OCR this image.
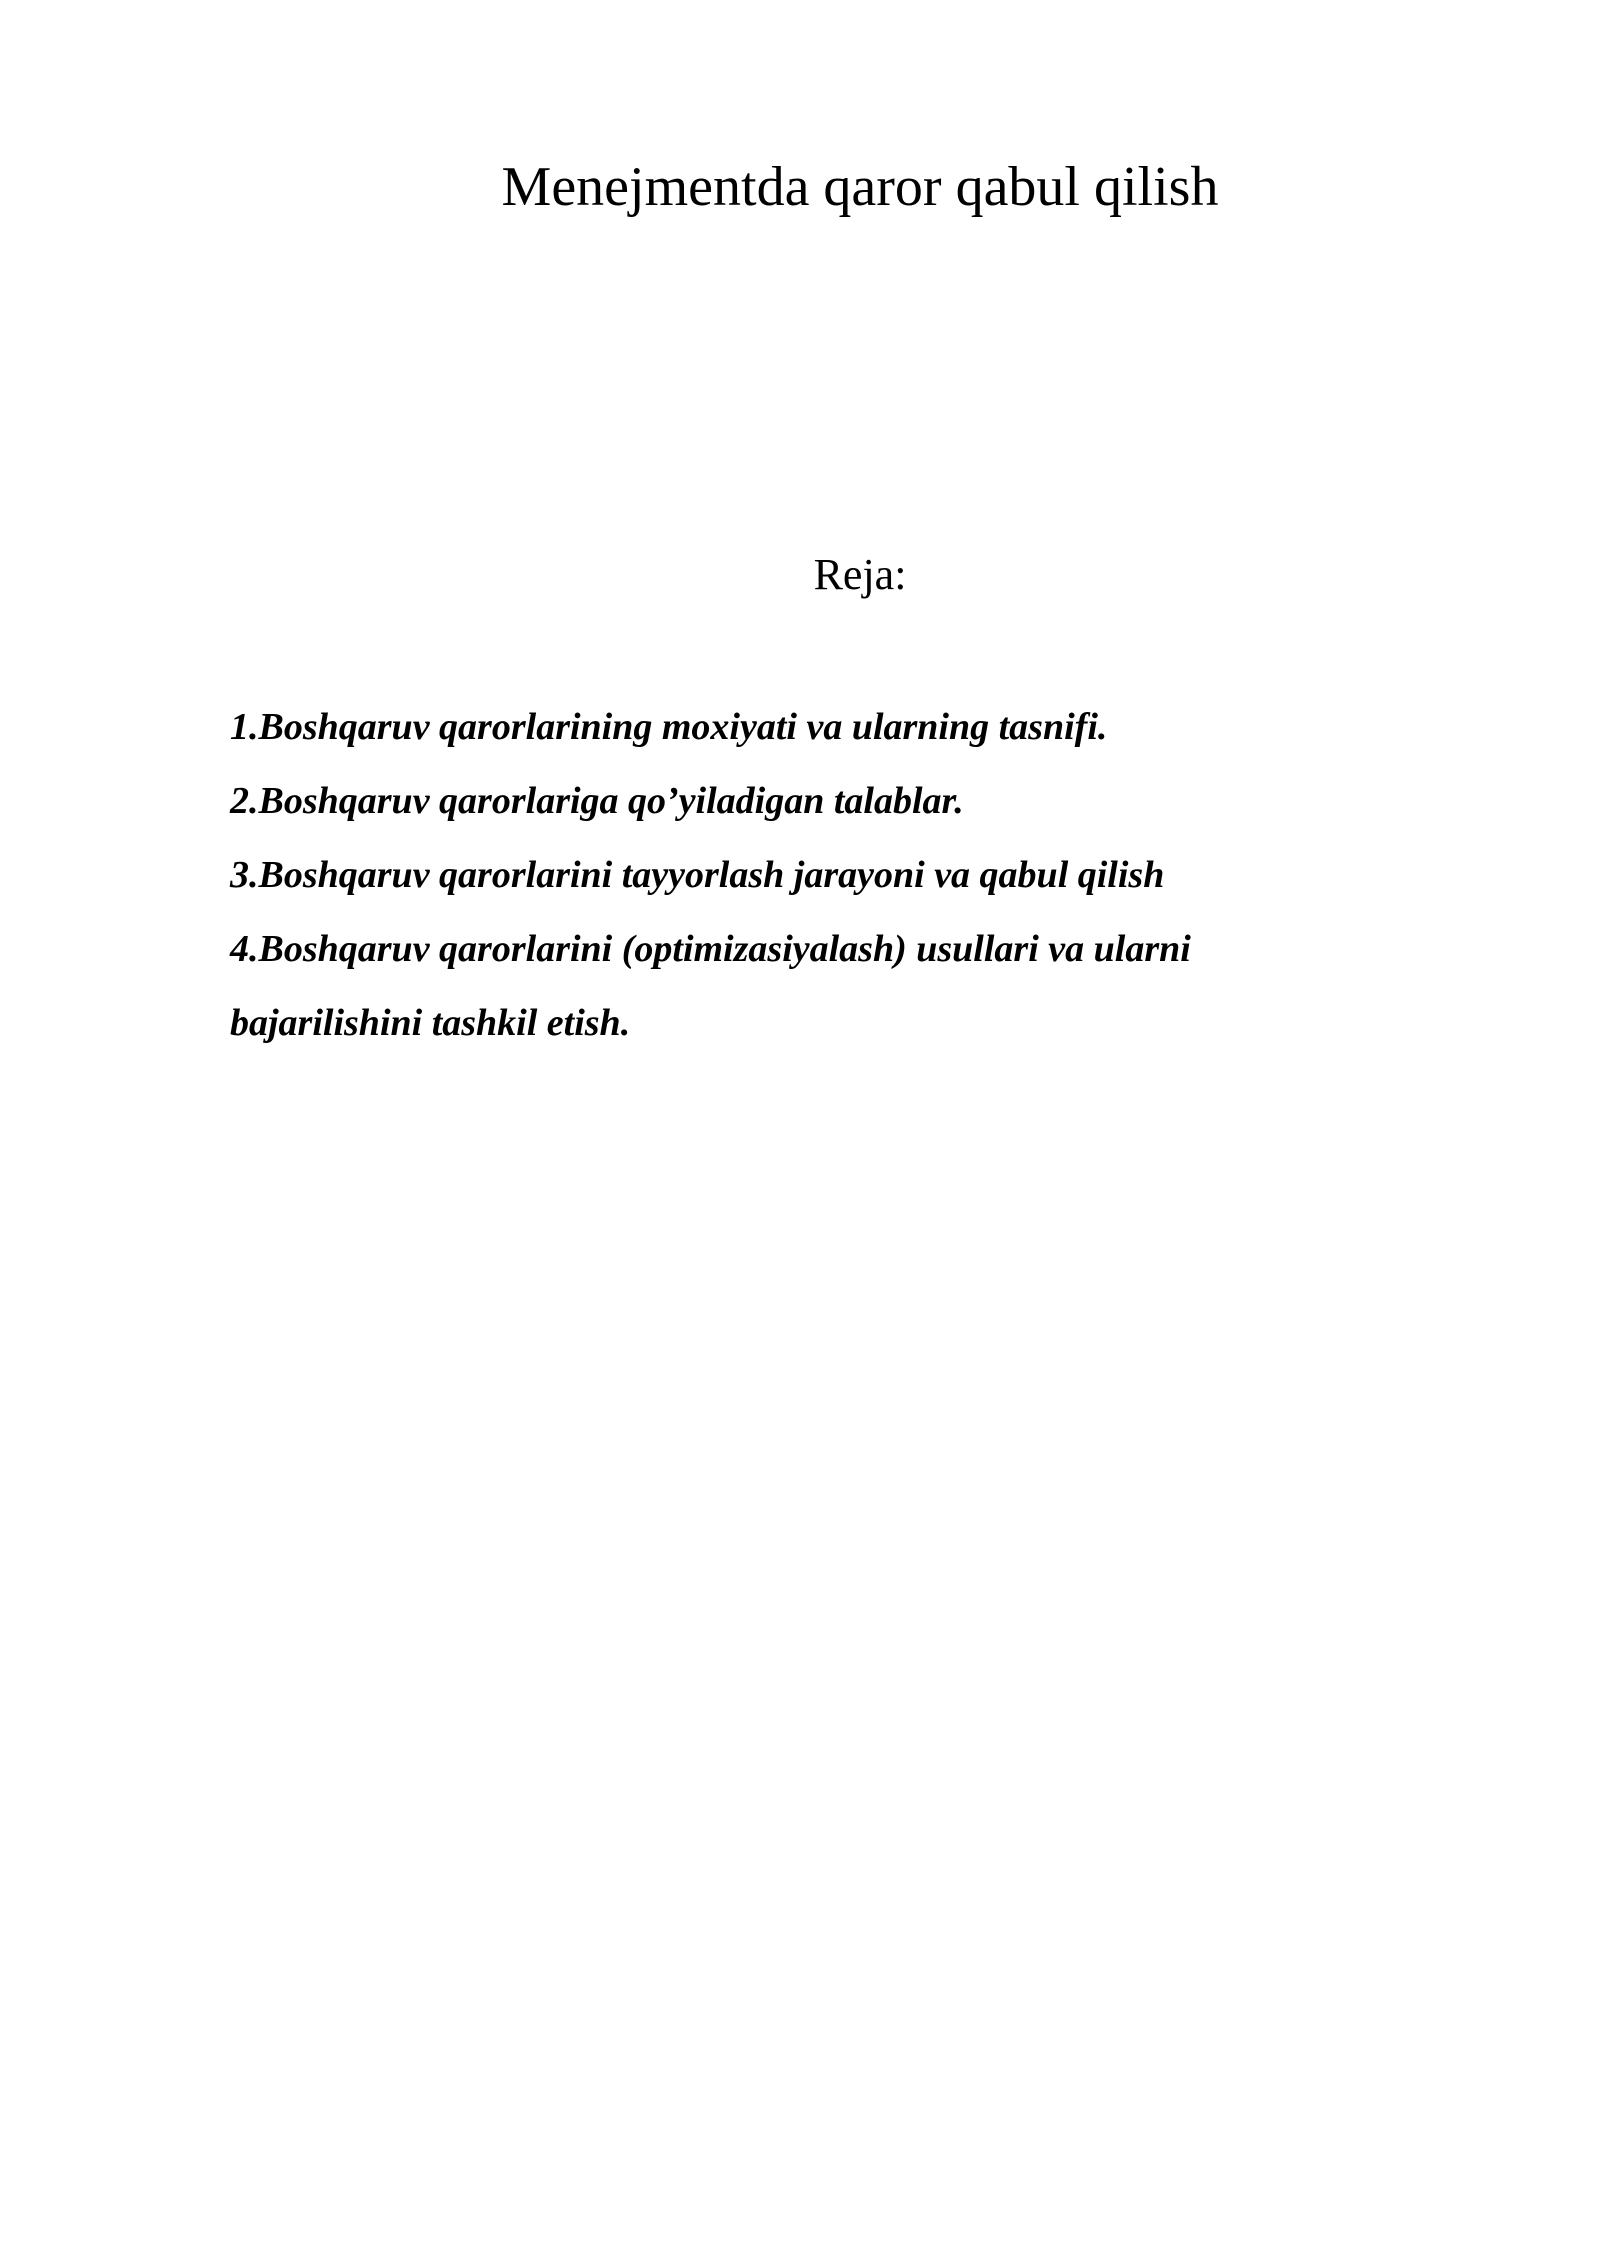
Menejmentda qaror qabul qilish
Reja:
1.Boshqaruv qarorlarining moxiyati va ularning tasnifi.
2.Boshqaruv qarorlariga qo’yiladigan talablar.
3.Boshqaruv qarorlarini tayyorlash jarayoni va qabul qilish
4.Boshqaruv qarorlarini (optimizasiyalash) usullari va ularni bajarilishini tashkil etish.
